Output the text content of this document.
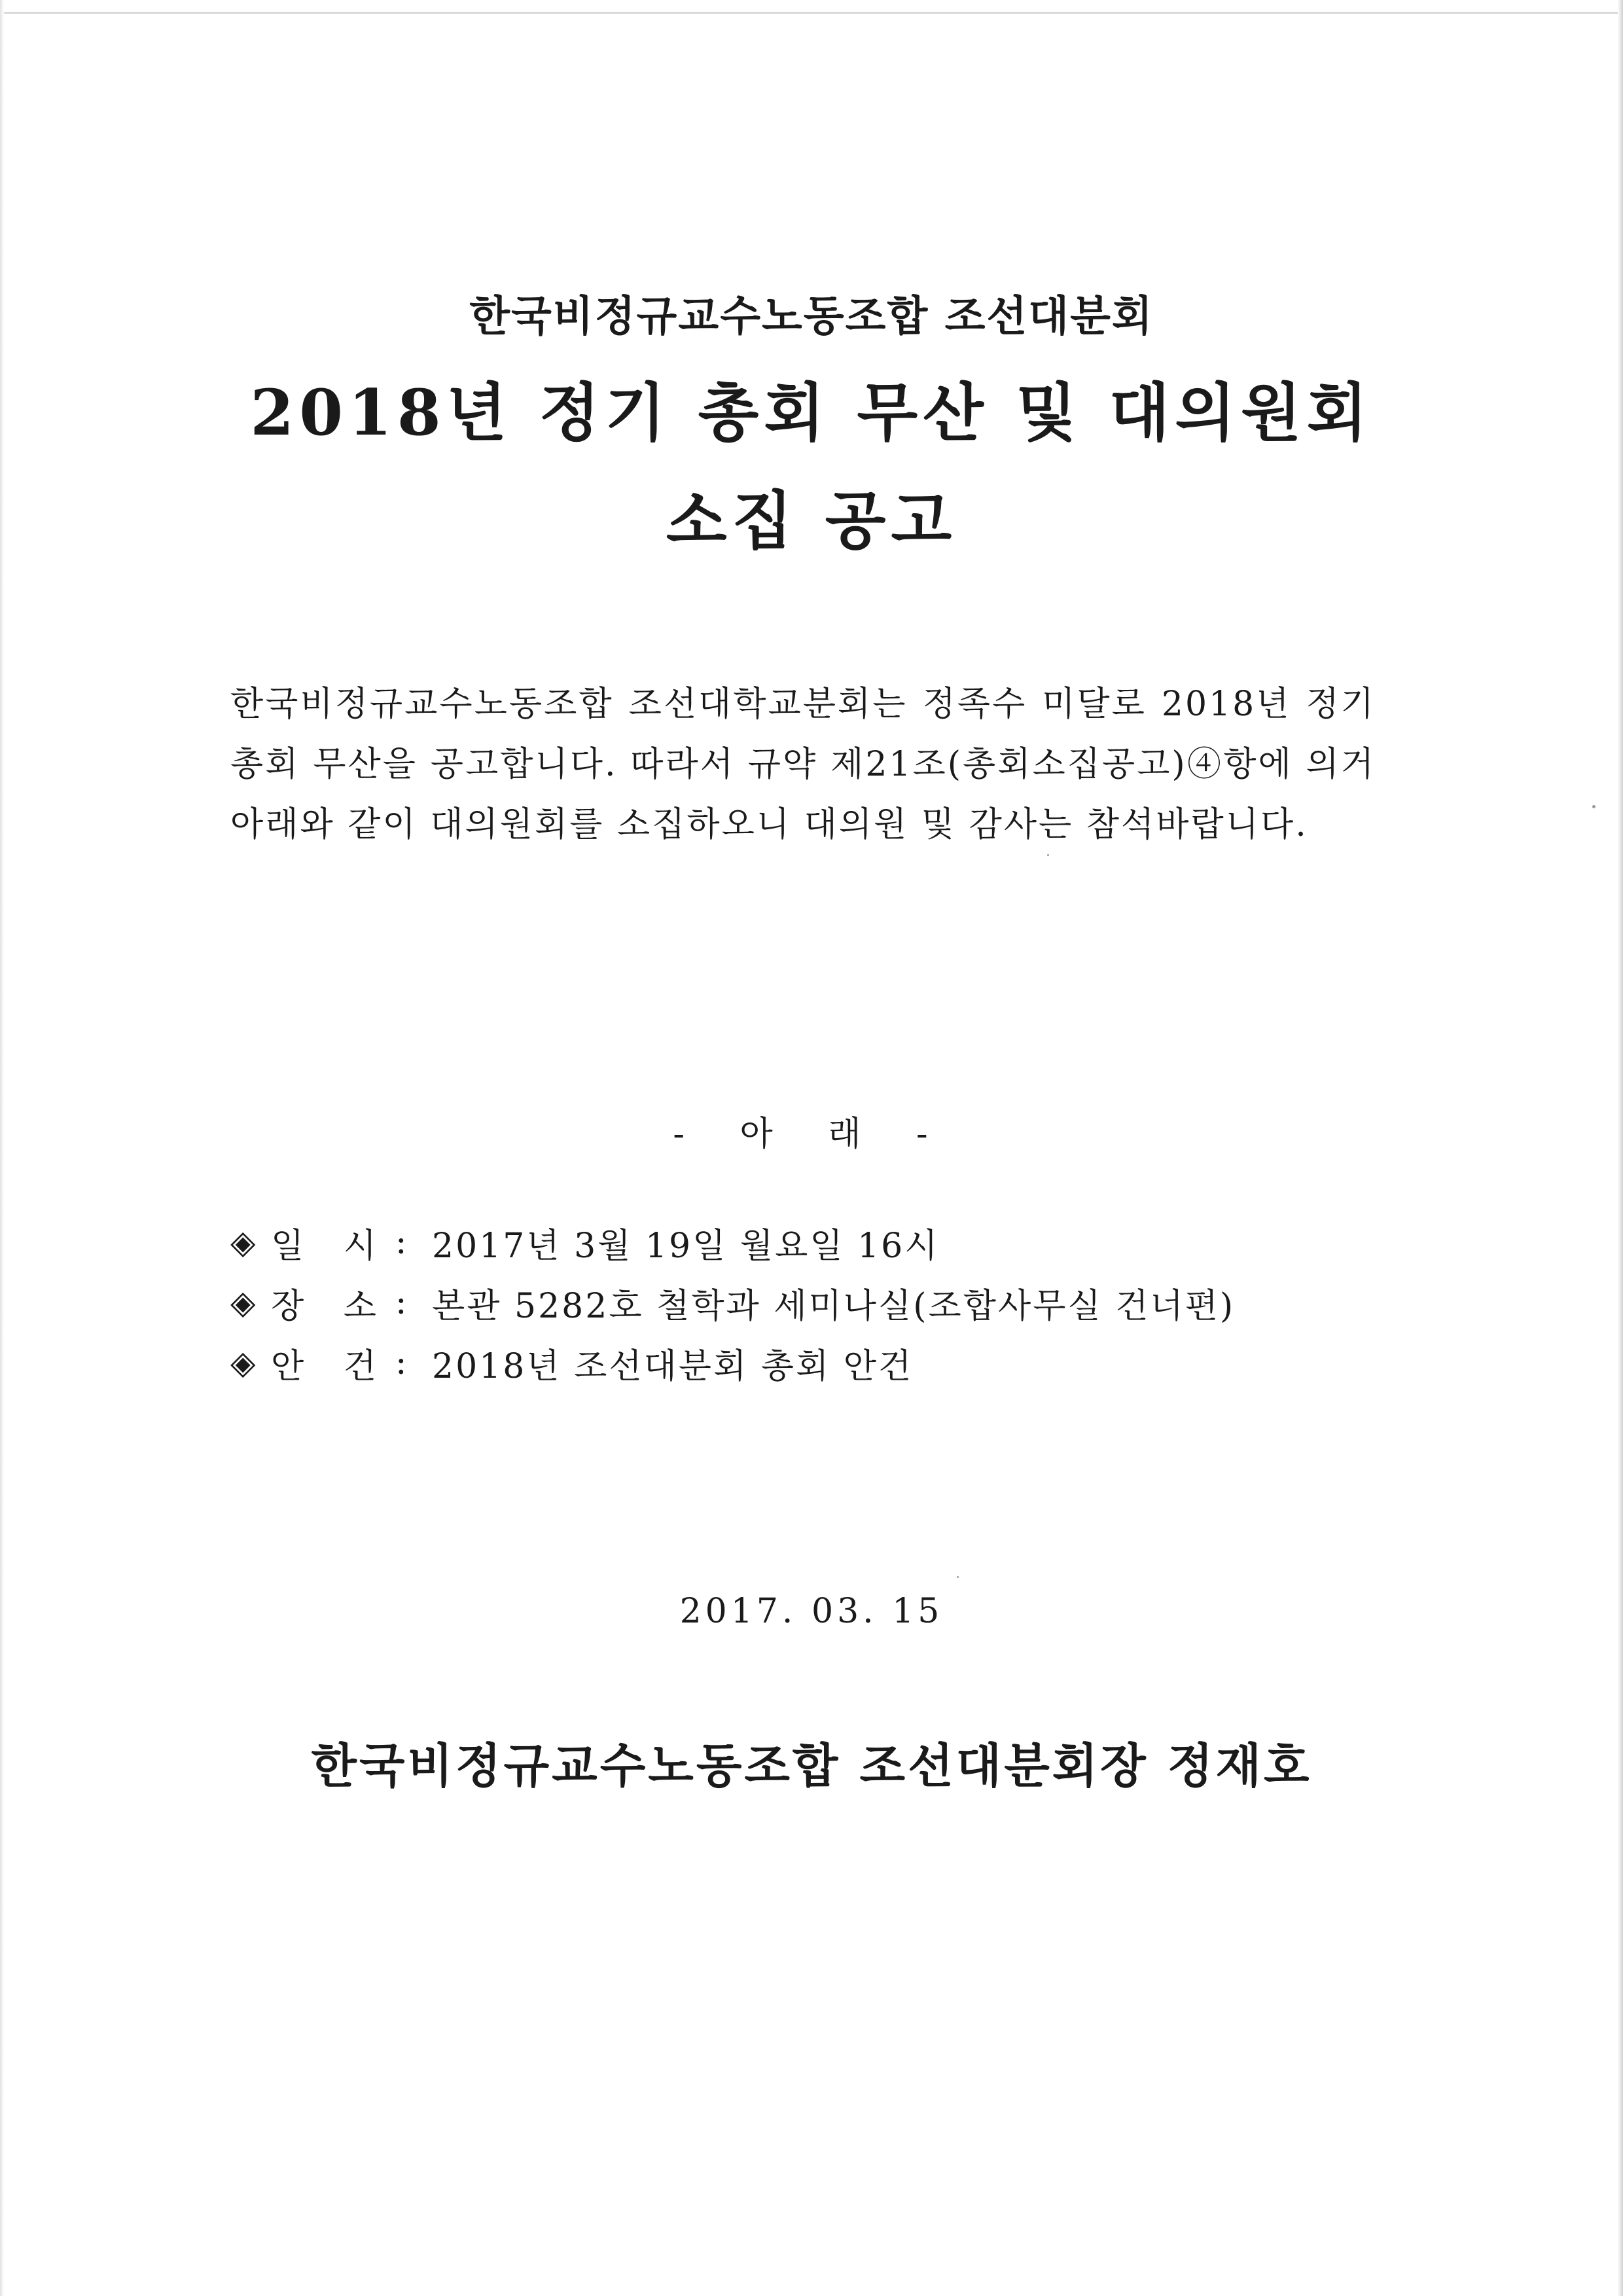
한국비정규교수노동조합 조선대분회
2018년 정기 총회 무산 및 대의원회
소집 공고
한국비정규교수노동조합 조선대학교분회는 정족수 미달로 2018년 정기 총회 무산을 공고합니다. 따라서 규약 제21조(총회소집공고)④항에 의거 아래와 같이 대의원회를 소집하오니 대의원 및 감사는 참석바랍니다.
- 아 래 -
◈ 일 시 : 2017년 3월 19일 월요일 16시
◈ 장 소 : 본관 5282호 철학과 세미나실(조합사무실 건너편)
◈ 안 건 : 2018년 조선대분회 총회 안건
2017. 03. 15
한국비정규교수노동조합 조선대분회장 정재호
